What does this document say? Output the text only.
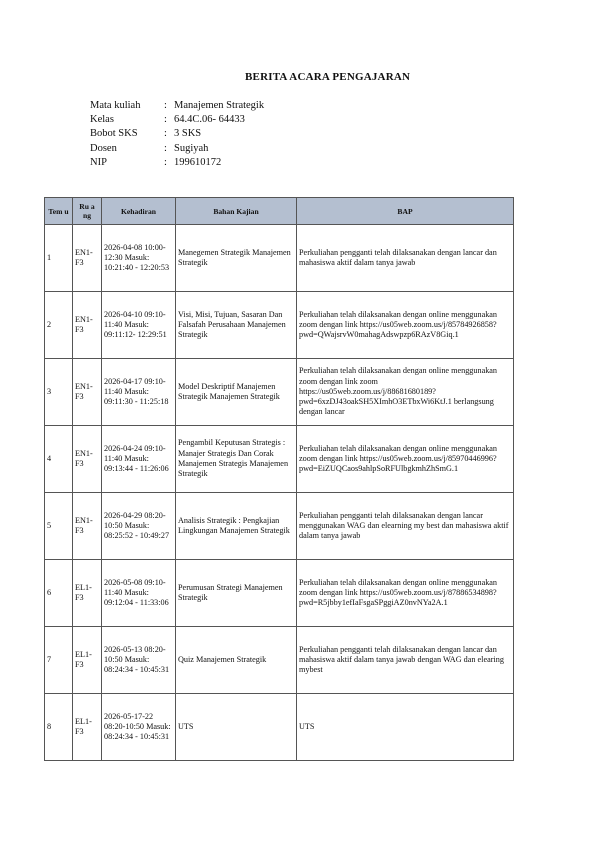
BERITA ACARA PENGAJARAN
Mata kuliah	: Manajemen Strategik
Kelas	: 64.4C.06- 64433
Bobot SKS	: 3 SKS
Dosen	: Sugiyah
NIP	: 199610172
Tem u	Ru a ng	Kehadiran	Bahan Kajian	BAP
1	EN1-F3	2026-04-08 10:00-12:30 Masuk: 10:21:40 - 12:20:53	Manegemen Strategik Manajemen Strategik	Perkuliahan pengganti telah dilaksanakan dengan lancar dan mahasiswa aktif dalam tanya jawab
2	EN1-F3	2026-04-10 09:10-11:40 Masuk: 09:11:12- 12:29:51	Visi, Misi, Tujuan, Sasaran Dan Falsafah Perusahaan Manajemen Strategik	Perkuliahan telah dilaksanakan dengan online menggunakan zoom dengan link https://us05web.zoom.us/j/85784926858?pwd=QWajsrvW0mahagAdswpzp6RAzV8Giq.1
3	EN1-F3	2026-04-17 09:10-11:40 Masuk: 09:11:30 - 11:25:18	Model Deskriptif Manajemen Strategik Manajemen Strategik	Perkuliahan telah dilaksanakan dengan online menggunakan zoom dengan link zoom https://us05web.zoom.us/j/88681680189?pwd=6xzDJ43oakSH5XImhO3ETbxWi6KtJ.1 berlangsung dengan lancar
4	EN1-F3	2026-04-24 09:10-11:40 Masuk: 09:13:44 - 11:26:06	Pengambil Keputusan Strategis : Manajer Strategis Dan Corak Manajemen Strategis Manajemen Strategik	Perkuliahan telah dilaksanakan dengan online menggunakan zoom dengan link https://us05web.zoom.us/j/85970446996?pwd=EiZUQCaos9ahlpSoRFUlbgkmhZhSmG.1
5	EN1-F3	2026-04-29 08:20-10:50 Masuk: 08:25:52 - 10:49:27	Analisis Strategik : Pengkajian Lingkungan Manajemen Strategik	Perkuliahan pengganti telah dilaksanakan dengan lancar menggunakan WAG dan elearning my best dan mahasiswa aktif dalam tanya jawab
6	EL1-F3	2026-05-08 09:10-11:40 Masuk: 09:12:04 - 11:33:06	Perumusan Strategi Manajemen Strategik	Perkuliahan telah dilaksanakan dengan online menggunakan zoom dengan link https://us05web.zoom.us/j/87886534898?pwd=R5jbby1efIaFsgaSPggiAZ0nvNYa2A.1
7	EL1-F3	2026-05-13 08:20-10:50 Masuk: 08:24:34 - 10:45:31	Quiz Manajemen Strategik	Perkuliahan pengganti telah dilaksanakan dengan lancar dan mahasiswa aktif dalam tanya jawab dengan WAG dan elearing mybest
8	EL1-F3	2026-05-17-22 08:20-10:50 Masuk: 08:24:34 - 10:45:31	UTS	UTS
